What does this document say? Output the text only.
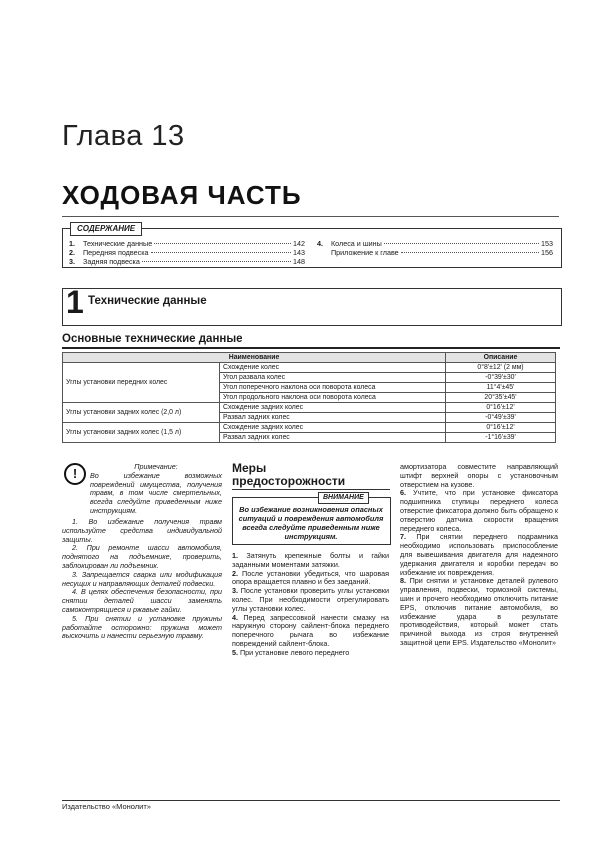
Глава 13
ХОДОВАЯ ЧАСТЬ
1.	Технические данные	142
2.	Передняя подвеска	143
3.	Задняя подвеска	148
4.	Колеса и шины	153
Приложение к главе	156
СОДЕРЖАНИЕ
1 Технические данные
Основные технические данные
Наименование		Описание
Углы установки передних колес	Схождение колес	0°8'±12' (2 мм)
	Угол развала колес	-0°39'±30'
	Угол поперечного наклона оси поворота колеса	11°4'±45'
	Угол продольного наклона оси поворота колеса	20°35'±45'
Углы установки задних колес (2,0 л)	Схождение задних колес	0°16'±12'
	Развал задних колес	-0°49'±39'
Углы установки задних колес (1,5 л)	Схождение задних колес	0°16'±12'
	Развал задних колес	-1°16'±39'
!	Примечание:

Во избежание возможных повреждений имущества, получения травм, в том числе смертельных, всегда следуйте приведенным ниже инструкциям.

1. Во избежание получения травм используйте средства индивидуальной защиты.

2. При ремонте шасси автомобиля, поднятого на подъемнике, проверить, заблокирован ли подъемник.

3. Запрещается сварка или модификация несущих и направляющих деталей подвески.

4. В целях обеспечения безопасности, при снятии деталей шасси заменять самоконтрящиеся и ржавые гайки.

5. При снятии и установке пружины работайте осторожно: пружина может выскочить и нанести серьезную травму.

Меры
предосторожности
ВНИМАНИЕ
Во избежание возникновения опасных ситуаций и повреждения автомобиля всегда следуйте приведенным ниже инструкциям.

1. Затянуть крепежные болты и гайки заданными моментами затяжки.

2. После установки убедиться, что шаровая опора вращается плавно и без заеданий.

3. После установки проверить углы установки колес. При необходимости отрегулировать углы установки колес.

4. Перед запрессовкой нанести смазку на наружную сторону сайлент-блока переднего поперечного рычага во избежание повреждений сайлент-блока.

5. При установке левого переднего

амортизатора совместите направляющий штифт верхней опоры с установочным отверстием на кузове.

6. Учтите, что при установке фиксатора подшипника ступицы переднего колеса отверстие фиксатора должно быть обращено к отверстию датчика скорости вращения переднего колеса.

7. При снятии переднего подрамника необходимо использовать приспособление для вывешивания двигателя для надежного удержания двигателя и коробки передач во избежание их повреждения.

8. При снятии и установке деталей рулевого управления, подвески, тормозной системы, шин и прочего необходимо отключить питание EPS, отключив питание автомобиля, во избежание удара в результате противодействия, который может стать причиной выхода из строя внутренней защитной цепи EPS. Издательство «Монолит»

Издательство «Монолит»
